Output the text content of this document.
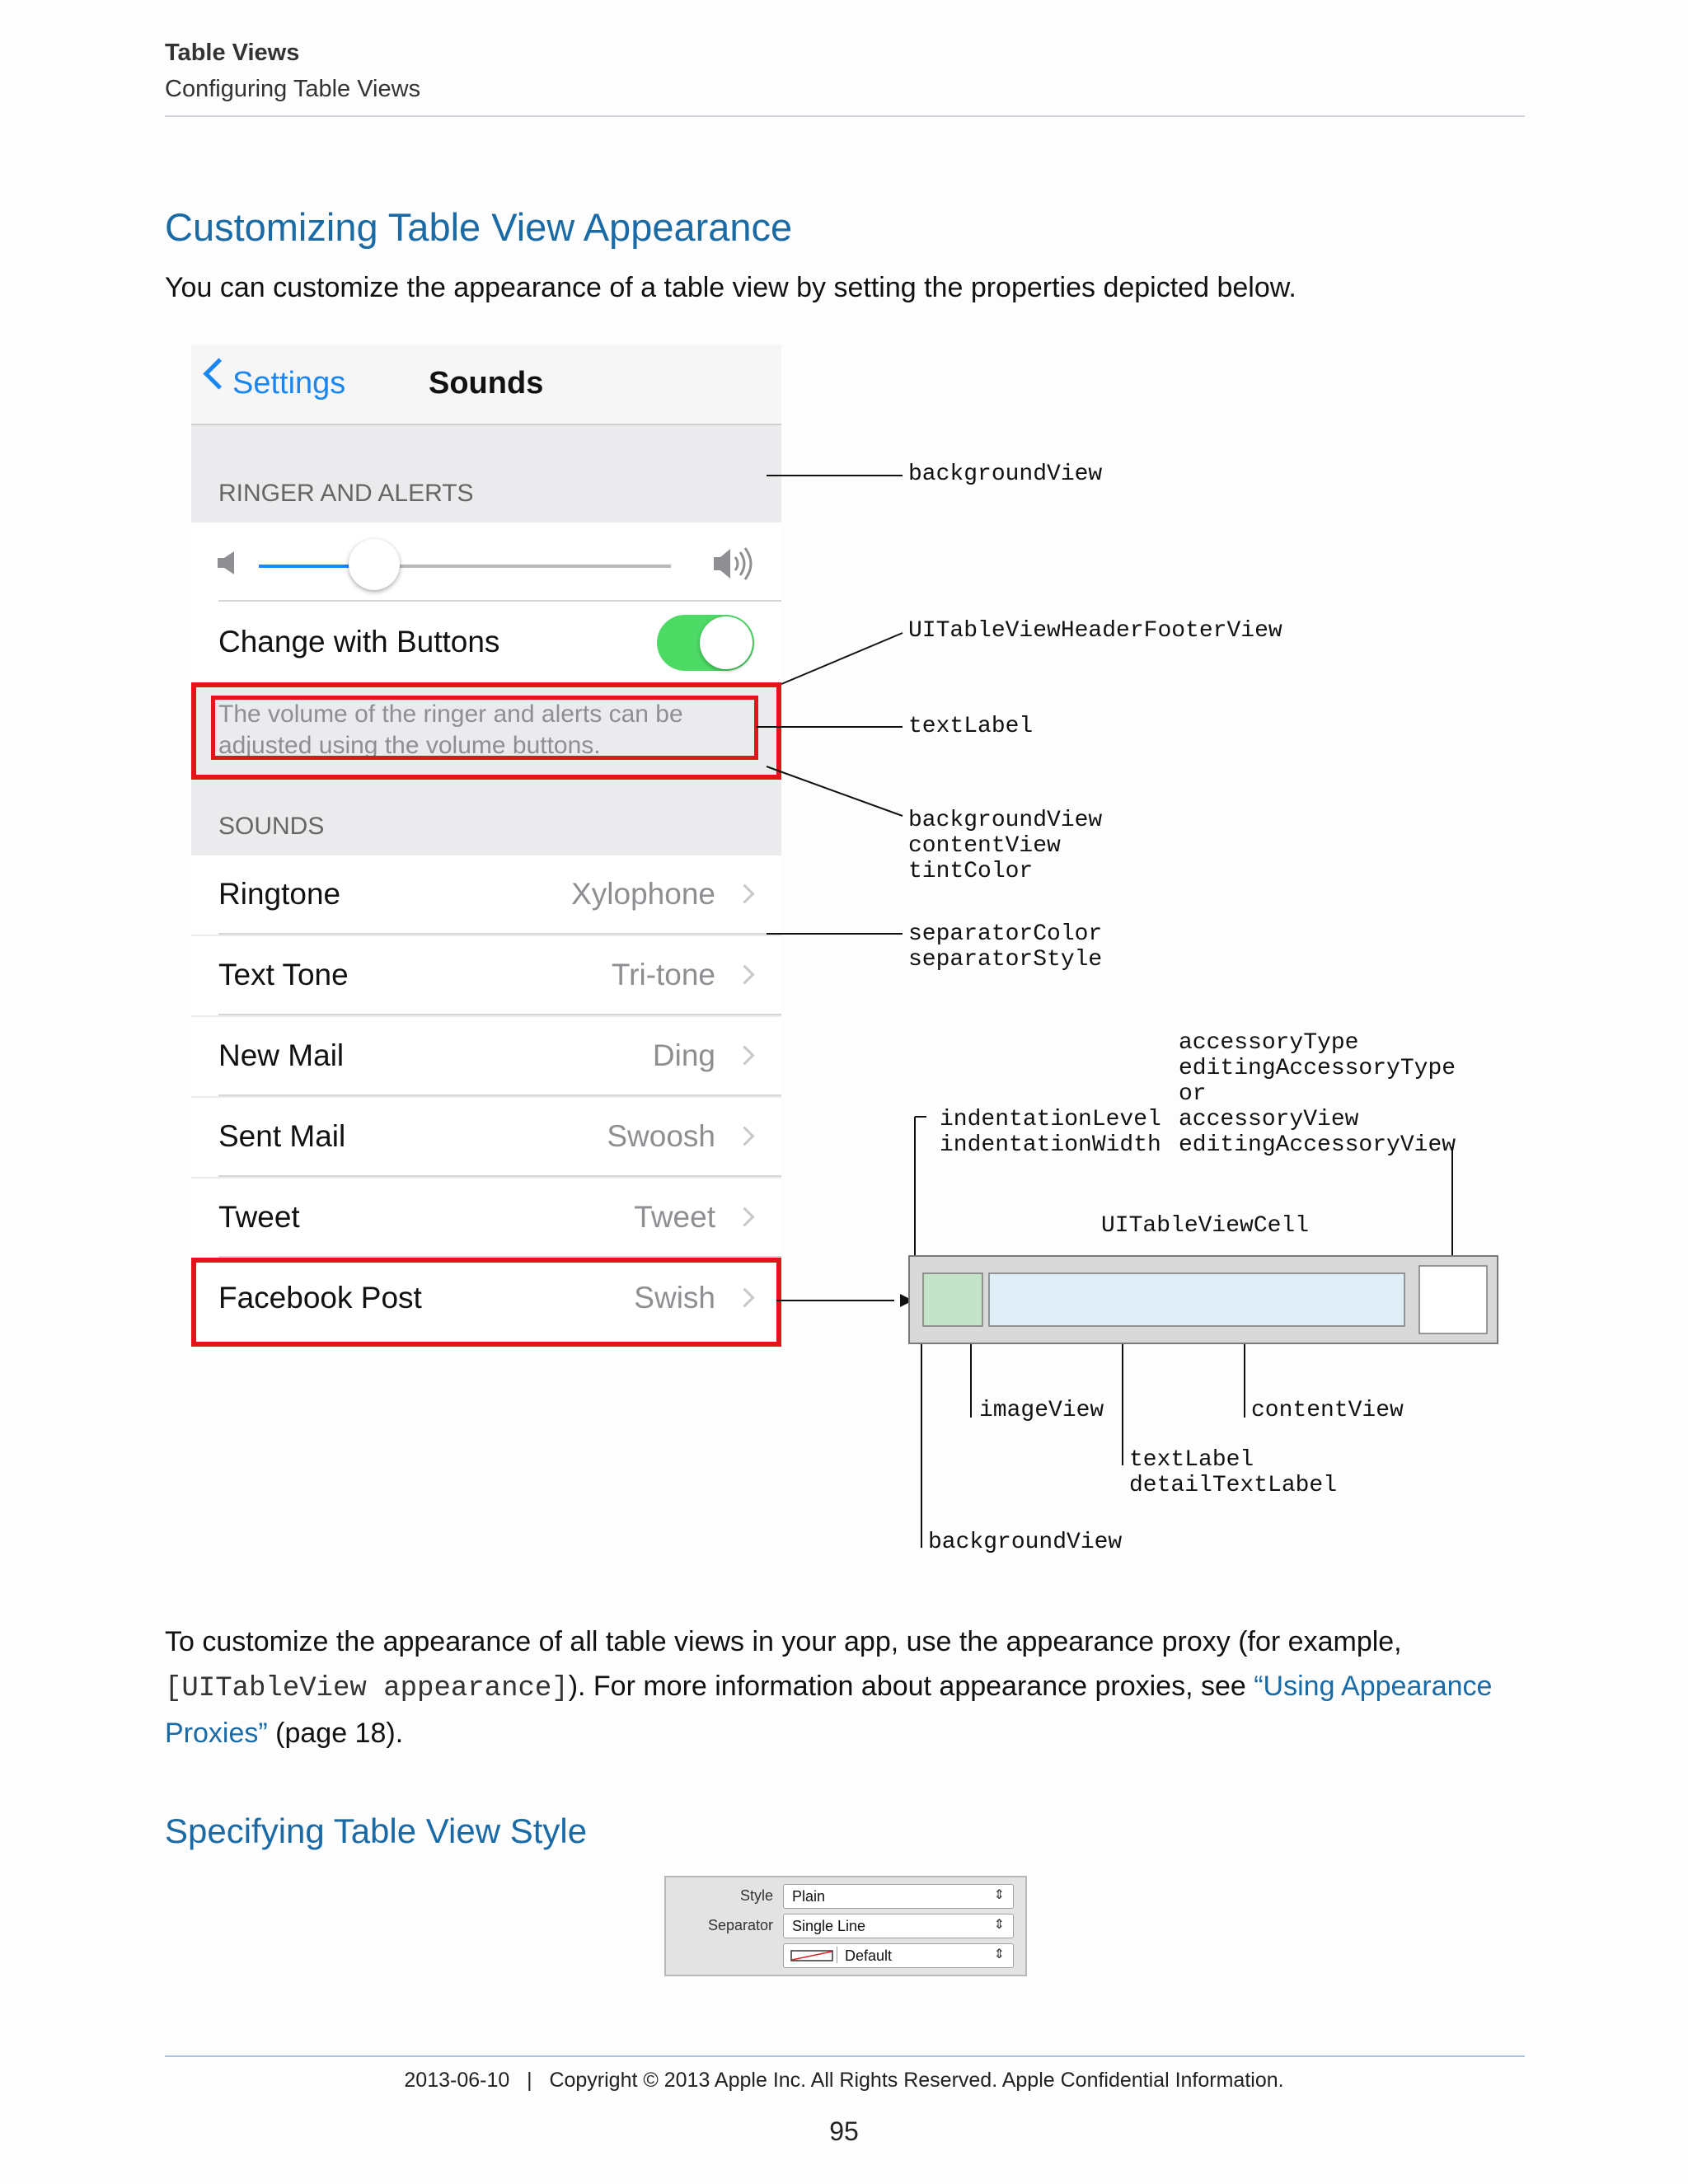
Table Views
Configuring Table Views
Customizing Table View Appearance
You can customize the appearance of a table view by setting the properties depicted below.
Settings	Sounds
RINGER AND ALERTS
Change with Buttons
The volume of the ringer and alerts can be
adjusted using the volume buttons.
SOUNDS
Ringtone	Xylophone
Text Tone	Tri-tone
New Mail	Ding
Sent Mail	Swoosh
Tweet	Tweet
Facebook Post	Swish
backgroundView
UITableViewHeaderFooterView
textLabel
backgroundView
contentView
tintColor
separatorColor
separatorStyle
accessoryType
editingAccessoryType
or
accessoryView
editingAccessoryView
indentationLevel
indentationWidth
UITableViewCell
imageView	contentView
textLabel
detailTextLabel
backgroundView
To customize the appearance of all table views in your app, use the appearance proxy (for example, [UITableView appearance]). For more information about appearance proxies, see “Using Appearance Proxies” (page 18).
Specifying Table View Style
Style Plain	⇕
Separator Single Line	⇕
Default	⇕
2013-06-10   |   Copyright © 2013 Apple Inc. All Rights Reserved. Apple Confidential Information.
95
